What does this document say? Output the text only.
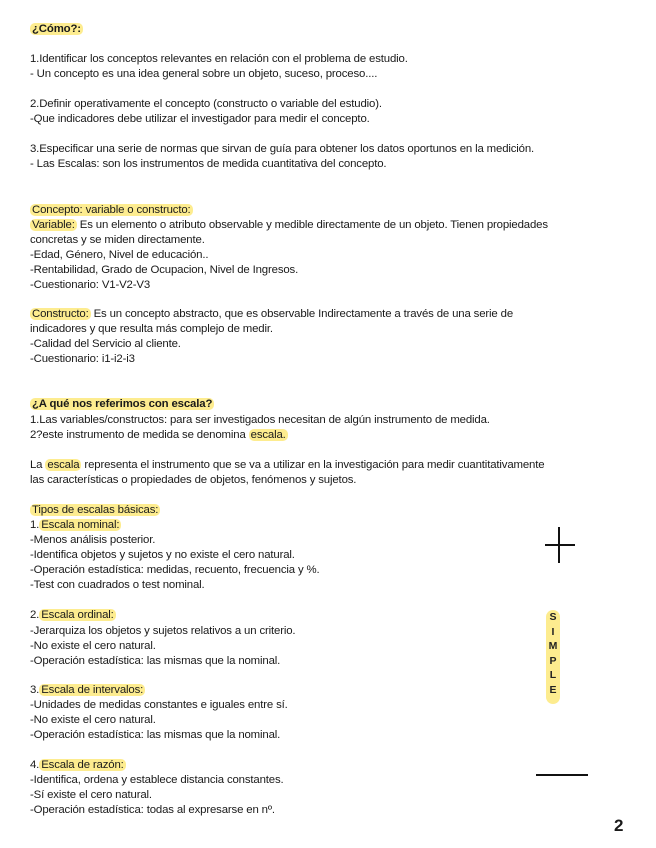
¿Cómo?:
1.Identificar los conceptos relevantes en relación con el problema de estudio.
- Un concepto es una idea general sobre un objeto, suceso, proceso....
2.Definir operativamente el concepto (constructo o variable del estudio).
-Que indicadores debe utilizar el investigador para medir el concepto.
3.Especificar una serie de normas que sirvan de guía para obtener los datos oportunos en la medición.
- Las Escalas: son los instrumentos de medida cuantitativa del concepto.
Concepto: variable o constructo:
Variable: Es un elemento o atributo observable y medible directamente de un objeto. Tienen propiedades
concretas y se miden directamente.
-Edad, Género, Nivel de educación..
-Rentabilidad, Grado de Ocupacion, Nivel de Ingresos.
-Cuestionario: V1-V2-V3
Constructo: Es un concepto abstracto, que es observable Indirectamente a través de una serie de
indicadores y que resulta más complejo de medir.
-Calidad del Servicio al cliente.
-Cuestionario: i1-i2-i3
¿A qué nos referimos con escala?
1.Las variables/constructos: para ser investigados necesitan de algún instrumento de medida.
2?este instrumento de medida se denomina escala.
La escala representa el instrumento que se va a utilizar en la investigación para medir cuantitativamente
las características o propiedades de objetos, fenómenos y sujetos.
Tipos de escalas básicas:
1. Escala nominal:
-Menos análisis posterior.
-Identifica objetos y sujetos y no existe el cero natural.
-Operación estadística: medidas, recuento, frecuencia y %.
-Test con cuadrados o test nominal.
2. Escala ordinal:
-Jerarquiza los objetos y sujetos relativos a un criterio.
-No existe el cero natural.
-Operación estadística: las mismas que la nominal.
3. Escala de intervalos:
-Unidades de medidas constantes e iguales entre sí.
-No existe el cero natural.
-Operación estadística: las mismas que la nominal.
4. Escala de razón:
-Identifica, ordena y establece distancia constantes.
-Sí existe el cero natural.
-Operación estadística: todas al expresarse en nº.
S
I
M
P
L
E
2
